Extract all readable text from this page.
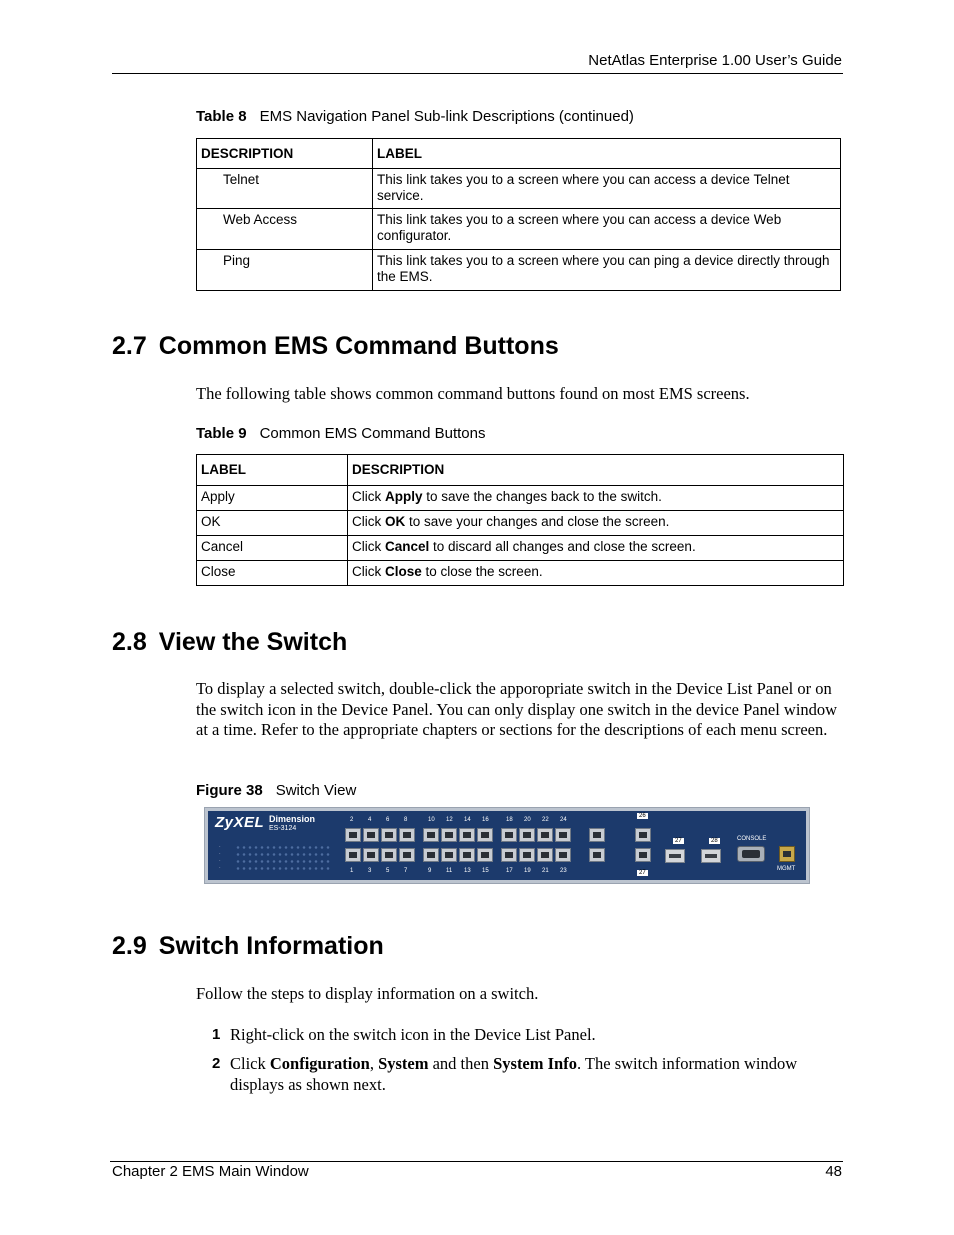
NetAtlas Enterprise 1.00 User’s Guide
Table 8 EMS Navigation Panel Sub-link Descriptions (continued)
DESCRIPTION	LABEL
Telnet	This link takes you to a screen where you can access a device Telnet service.
Web Access	This link takes you to a screen where you can access a device Web configurator.
Ping	This link takes you to a screen where you can ping a device directly through the EMS.
2.7 Common EMS Command Buttons

The following table shows common command buttons found on most EMS screens.

Table 9 Common EMS Command Buttons
LABEL	DESCRIPTION
Apply	Click Apply to save the changes back to the switch.
OK	Click OK to save your changes and close the screen.
Cancel	Click Cancel to discard all changes and close the screen.
Close	Click Close to close the screen.
2.8 View the Switch

To display a selected switch, double-click the apporopriate switch in the Device List Panel or on the switch icon in the Device Panel. You can only display one switch in the device Panel window at a time. Refer to the appropriate chapters or sections for the descriptions of each menu screen.

Figure 38 Switch View
ZyXEL Dimension
ES-3124
·
·
·
·
2
1
4
3
6
5
8
7
10
9
12
11
14
13
16
15
18
17
20
19
22
21
24
23
26
27
27	28	CONSOLE
MGMT
2.9 Switch Information

Follow the steps to display information on a switch.

1 Right-click on the switch icon in the Device List Panel.
2 Click Configuration, System and then System Info. The switch information window displays as shown next.
Chapter 2 EMS Main Window	48
